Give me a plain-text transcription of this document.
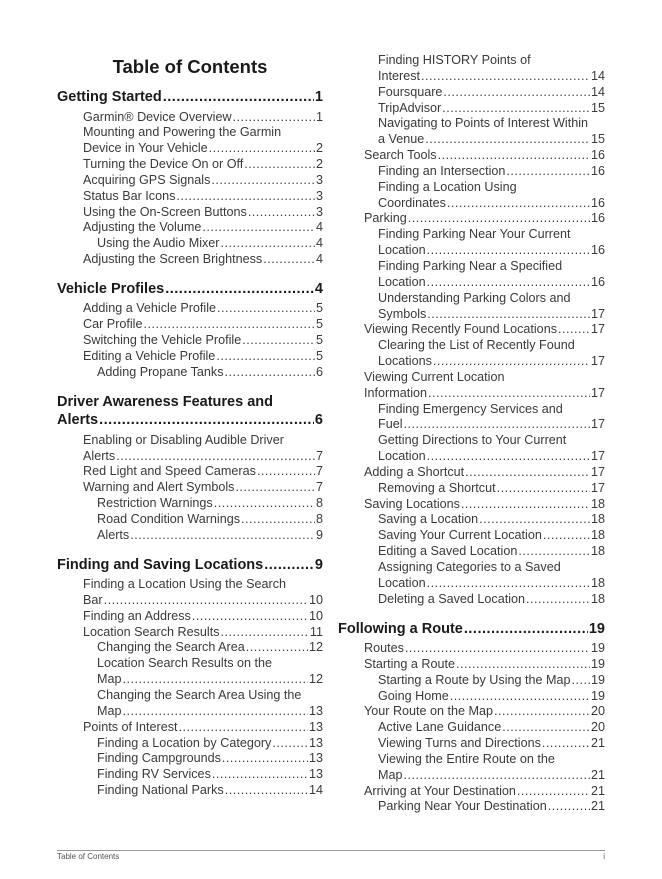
Table of Contents
Getting Started .....	1
Garmin® Device Overview .....	1
Mounting and Powering the Garmin
Device in Your Vehicle .....	2
Turning the Device On or Off .....	2
Acquiring GPS Signals .....	3
Status Bar Icons .....	3
Using the On-Screen Buttons .....	3
Adjusting the Volume .....	4
Using the Audio Mixer .....	4
Adjusting the Screen Brightness .....	4
Vehicle Profiles .....	4
Adding a Vehicle Profile .....	5
Car Profile .....	5
Switching the Vehicle Profile .....	5
Editing a Vehicle Profile .....	5
Adding Propane Tanks .....	6
Driver Awareness Features and
Alerts .....	6
Enabling or Disabling Audible Driver
Alerts .....	7
Red Light and Speed Cameras .....	7
Warning and Alert Symbols .....	7
Restriction Warnings .....	8
Road Condition Warnings .....	8
Alerts .....	9
Finding and Saving Locations .....	9
Finding a Location Using the Search
Bar .....	10
Finding an Address .....	10
Location Search Results .....	11
Changing the Search Area .....	12
Location Search Results on the
Map .....	12
Changing the Search Area Using the
Map .....	13
Points of Interest .....	13
Finding a Location by Category .....	13
Finding Campgrounds .....	13
Finding RV Services .....	13
Finding National Parks .....	14
Finding HISTORY Points of
Interest .....	14
Foursquare .....	14
TripAdvisor .....	15
Navigating to Points of Interest Within
a Venue .....	15
Search Tools .....	16
Finding an Intersection .....	16
Finding a Location Using
Coordinates .....	16
Parking .....	16
Finding Parking Near Your Current
Location .....	16
Finding Parking Near a Specified
Location .....	16
Understanding Parking Colors and
Symbols .....	17
Viewing Recently Found Locations .....	17
Clearing the List of Recently Found
Locations .....	17
Viewing Current Location
Information .....	17
Finding Emergency Services and
Fuel .....	17
Getting Directions to Your Current
Location .....	17
Adding a Shortcut .....	17
Removing a Shortcut .....	17
Saving Locations .....	18
Saving a Location .....	18
Saving Your Current Location .....	18
Editing a Saved Location .....	18
Assigning Categories to a Saved
Location .....	18
Deleting a Saved Location .....	18
Following a Route .....	19
Routes .....	19
Starting a Route .....	19
Starting a Route by Using the Map ..... 19
Going Home .....	19
Your Route on the Map .....	20
Active Lane Guidance .....	20
Viewing Turns and Directions .....	21
Viewing the Entire Route on the
Map .....	21
Arriving at Your Destination .....	21
Parking Near Your Destination .....	21
Table of Contents	i
